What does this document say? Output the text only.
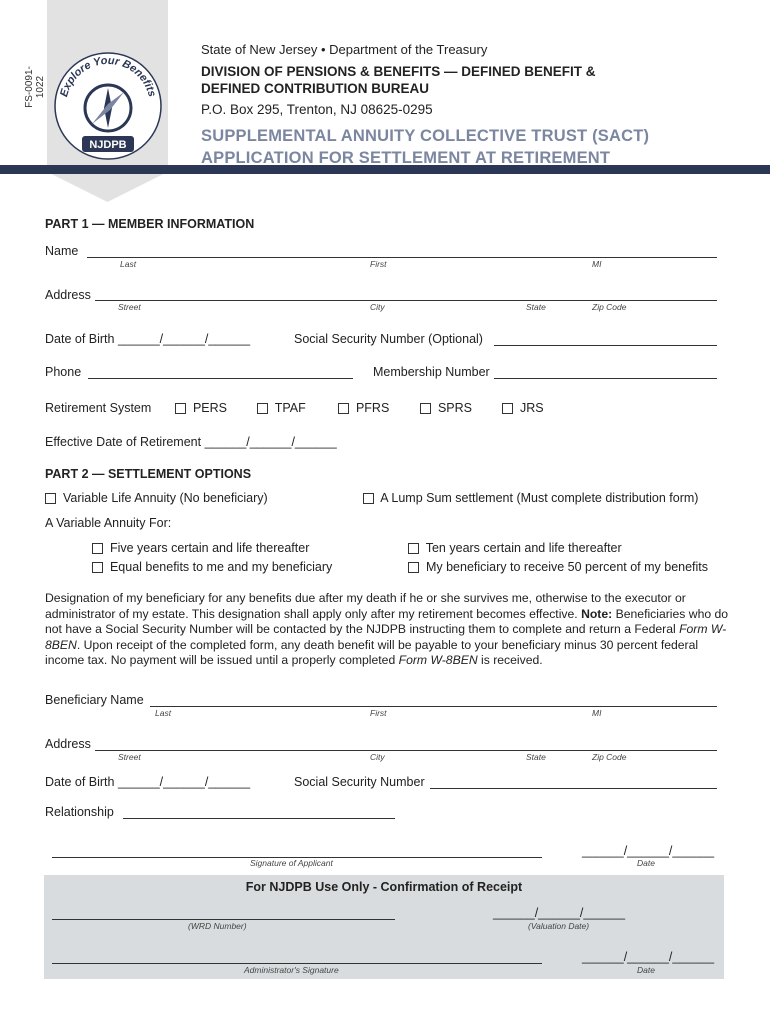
FS-0091-1022 Explore Your Benefits
NJDPB
State of New Jersey • Department of the Treasury
DIVISION OF PENSIONS & BENEFITS — DEFINED BENEFIT & DEFINED CONTRIBUTION BUREAU
P.O. Box 295, Trenton, NJ 08625-0295
SUPPLEMENTAL ANNUITY COLLECTIVE TRUST (SACT) APPLICATION FOR SETTLEMENT AT RETIREMENT
PART 1 — MEMBER INFORMATION
Name
Last	First	MI
Address
Street	City	State	Zip Code
Date of Birth ______/______/______	Social Security Number (Optional)
Phone	Membership Number
Retirement System	PERS	TPAF	PFRS	SPRS	JRS
Effective Date of Retirement ______/______/______
PART 2 — SETTLEMENT OPTIONS
Variable Life Annuity (No beneficiary)	A Lump Sum settlement (Must complete distribution form)
A Variable Annuity For:
Five years certain and life thereafter	Ten years certain and life thereafter
Equal benefits to me and my beneficiary	My beneficiary to receive 50 percent of my benefits
Designation of my beneficiary for any benefits due after my death if he or she survives me, otherwise to the executor or administrator of my estate. This designation shall apply only after my retirement becomes effective. Note: Beneficiaries who do not have a Social Security Number will be contacted by the NJDPB instructing them to complete and return a Federal Form W-8BEN. Upon receipt of the completed form, any death benefit will be payable to your beneficiary minus 30 percent federal income tax. No payment will be issued until a properly completed Form W-8BEN is received.
Beneficiary Name
Last	First	MI
Address
Street	City	State	Zip Code
Date of Birth ______/______/______	Social Security Number
Relationship
Signature of Applicant
______/______/______
Date
For NJDPB Use Only - Confirmation of Receipt
(WRD Number)
______/______/______
(Valuation Date)
Administrator's Signature
______/______/______
Date
